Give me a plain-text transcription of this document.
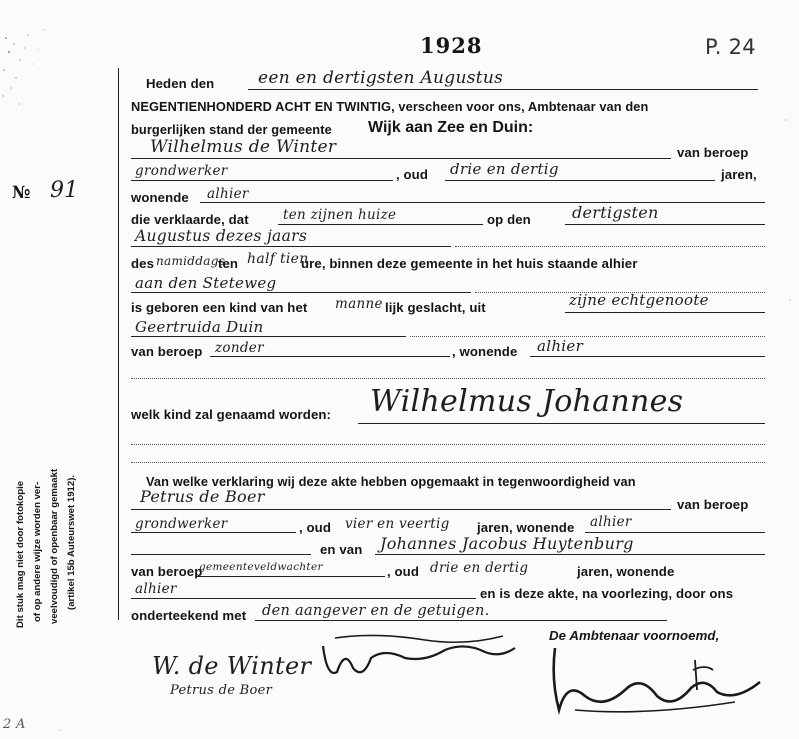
1928	P. 24
№ 91
Dit stuk mag niet door fotokopie of op andere wijze worden ver- veelvoudigd of openbaar gemaakt (artikel 15b Auteurswet 1912).
2 A
Heden den	een en dertigsten Augustus
NEGENTIENHONDERD ACHT EN TWINTIG, verscheen voor ons, Ambtenaar van den
burgerlijken stand der gemeente Wijk aan Zee en Duin:
Wilhelmus de Winter	van beroep
grondwerker	, oud drie en dertig	jaren,
wonende alhier
die verklaarde, dat	ten zijnen huize	op den	dertigsten
Augustus dezes jaars
des namiddags
ten half tien
ure, binnen deze gemeente in het huis staande alhier
aan den Steteweg
is geboren een kind van het manne lijk geslacht, uit	zijne echtgenoote
Geertruida Duin
van beroep zonder	, wonende alhier
welk kind zal genaamd worden: Wilhelmus Johannes
Van welke verklaring wij deze akte hebben opgemaakt in tegenwoordigheid van
Petrus de Boer	van beroep
grondwerker	, oud vier en veertig jaren, wonende alhier
en van Johannes Jacobus Huytenburg
van beroep
gemeenteveldwachter	, oud drie en dertig	jaren, wonende
alhier	en is deze akte, na voorlezing, door ons
onderteekend met den aangever en de getuigen.
De Ambtenaar voornoemd,
W. de Winter
Petrus de Boer
